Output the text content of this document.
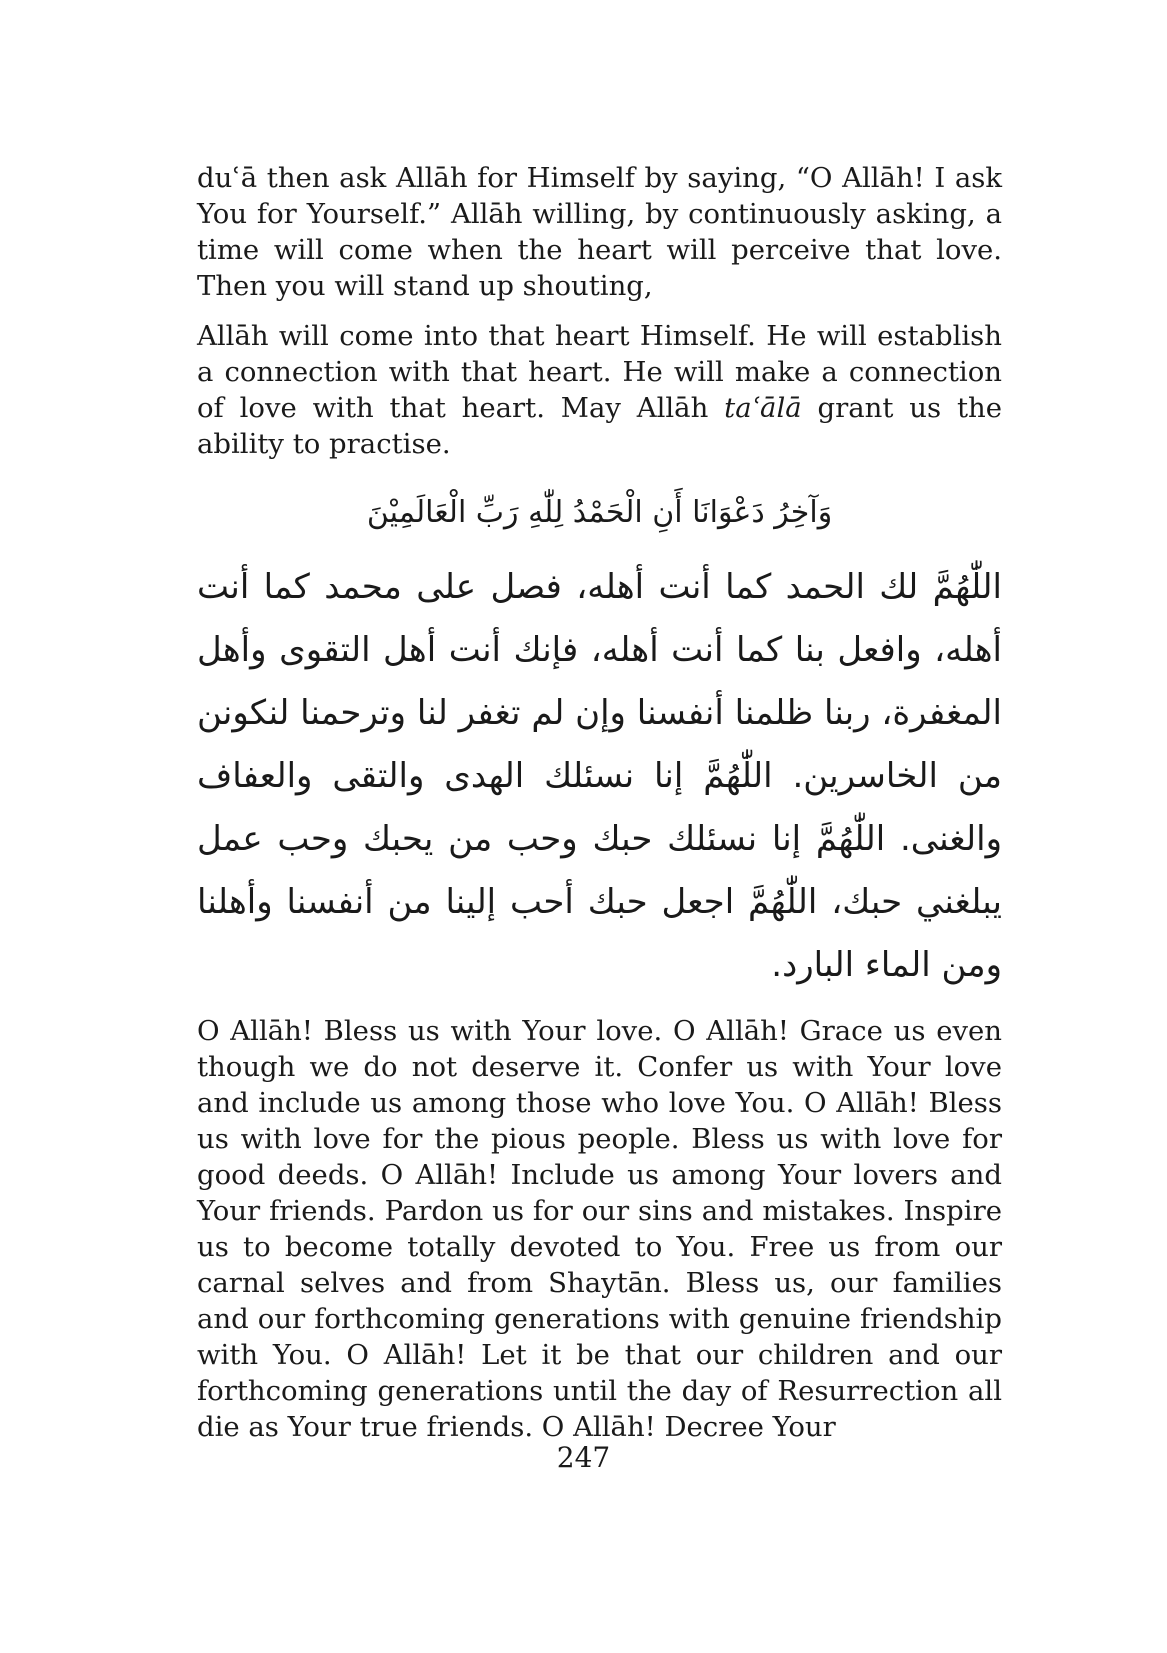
duʿā then ask Allāh for Himself by saying, “O Allāh! I ask You for Yourself.” Allāh willing, by continuously asking, a time will come when the heart will perceive that love. Then you will stand up shouting,

Allāh will come into that heart Himself. He will establish a connection with that heart. He will make a connection of love with that heart. May Allāh taʿālā grant us the ability to practise.

وَآخِرُ دَعْوَانَا أَنِ الْحَمْدُ لِلّٰهِ رَبِّ الْعَالَمِيْنَ

اللّٰهُمَّ لك الحمد كما أنت أهله، فصل على محمد كما أنت أهله، وافعل بنا كما أنت أهله، فإنك أنت أهل التقوى وأهل المغفرة، ربنا ظلمنا أنفسنا وإن لم تغفر لنا وترحمنا لنكونن من الخاسرين. اللّٰهُمَّ إنا نسئلك الهدى والتقى والعفاف والغنى. اللّٰهُمَّ إنا نسئلك حبك وحب من يحبك وحب عمل يبلغني حبك، اللّٰهُمَّ اجعل حبك أحب إلينا من أنفسنا وأهلنا ومن الماء البارد.

O Allāh! Bless us with Your love. O Allāh! Grace us even though we do not deserve it. Confer us with Your love and include us among those who love You. O Allāh! Bless us with love for the pious people. Bless us with love for good deeds. O Allāh! Include us among Your lovers and Your friends. Pardon us for our sins and mistakes. Inspire us to become totally devoted to You. Free us from our carnal selves and from Shaytān. Bless us, our families and our forthcoming generations with genuine friendship with You. O Allāh! Let it be that our children and our forthcoming generations until the day of Resurrection all die as Your true friends. O Allāh! Decree Your

247
